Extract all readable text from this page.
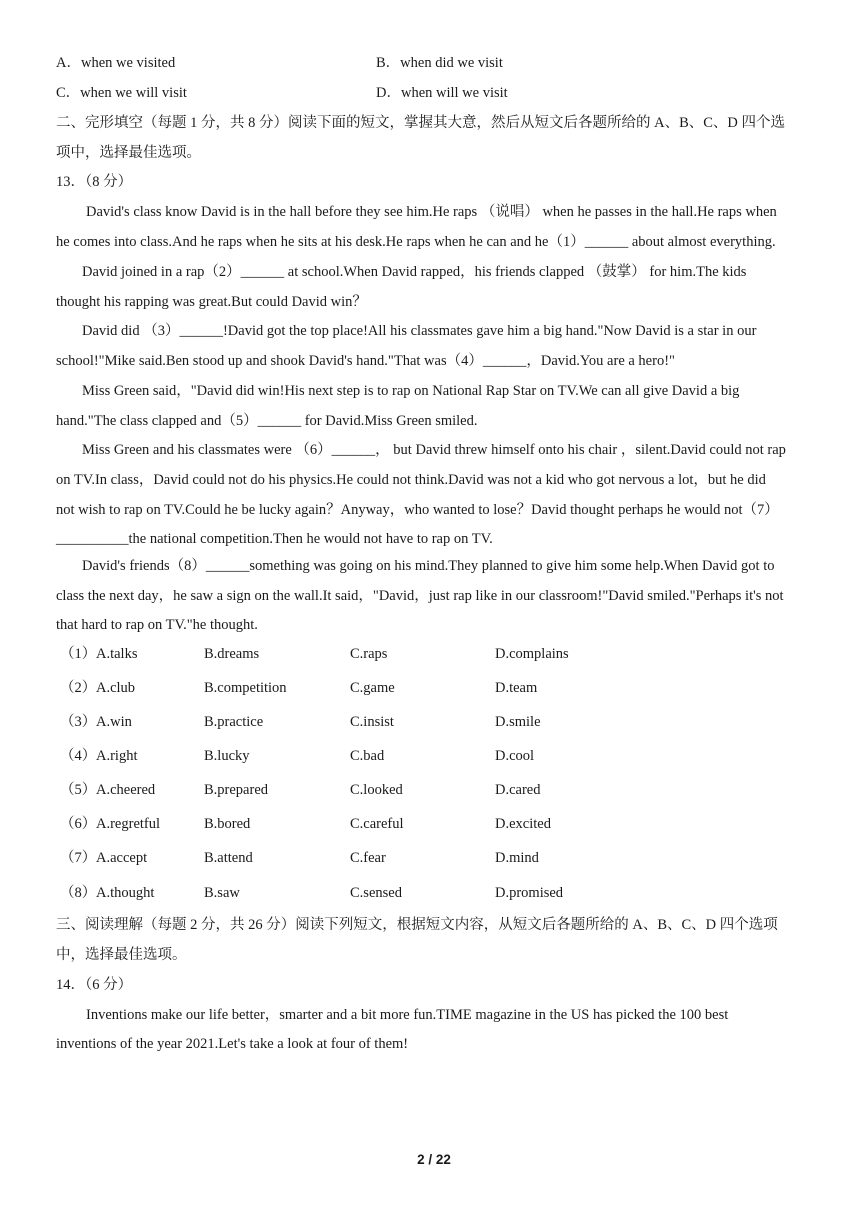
A．when we visited	B．when did we visit
C．when we will visit	D．when will we visit
二、完形填空（每题 1 分，共 8 分）阅读下面的短文，掌握其大意，然后从短文后各题所给的 A、B、C、D 四个选
项中，选择最佳选项。
13．（8 分）
David's class know David is in the hall before they see him.He raps （说唱） when he passes in the hall.He raps when
he comes into class.And he raps when he sits at his desk.He raps when he can and he（1）______ about almost everything.
David joined in a rap（2）______ at school.When David rapped，his friends clapped （鼓掌） for him.The kids
thought his rapping was great.But could David win？
David did （3）______!David got the top place!All his classmates gave him a big hand."Now David is a star in our
school!"Mike said.Ben stood up and shook David's hand."That was（4）______，David.You are a hero!"
Miss Green said，"David did win!His next step is to rap on National Rap Star on TV.We can all give David a big
hand."The class clapped and（5）______ for David.Miss Green smiled.
Miss Green and his classmates were （6）______， but David threw himself onto his chair ，silent.David could not rap
on TV.In class，David could not do his physics.He could not think.David was not a kid who got nervous a lot，but he did
not wish to rap on TV.Could he be lucky again？Anyway，who wanted to lose？David thought perhaps he would not（7）
__________the national competition.Then he would not have to rap on TV.
David's friends（8）______something was going on his mind.They planned to give him some help.When David got to
class the next day，he saw a sign on the wall.It said，"David，just rap like in our classroom!"David smiled."Perhaps it's not
that hard to rap on TV."he thought.
（1） A.talks	B.dreams	C.raps	D.complains
（2） A.club	B.competition	C.game	D.team
（3） A.win	B.practice	C.insist	D.smile
（4） A.right	B.lucky	C.bad	D.cool
（5） A.cheered	B.prepared	C.looked	D.cared
（6） A.regretful	B.bored	C.careful	D.excited
（7） A.accept	B.attend	C.fear	D.mind
（8） A.thought	B.saw	C.sensed	D.promised
三、阅读理解（每题 2 分，共 26 分）阅读下列短文，根据短文内容，从短文后各题所给的 A、B、C、D 四个选项
中，选择最佳选项。
14．（6 分）
Inventions make our life better，smarter and a bit more fun.TIME magazine in the US has picked the 100 best
inventions of the year 2021.Let's take a look at four of them!
2 / 22
